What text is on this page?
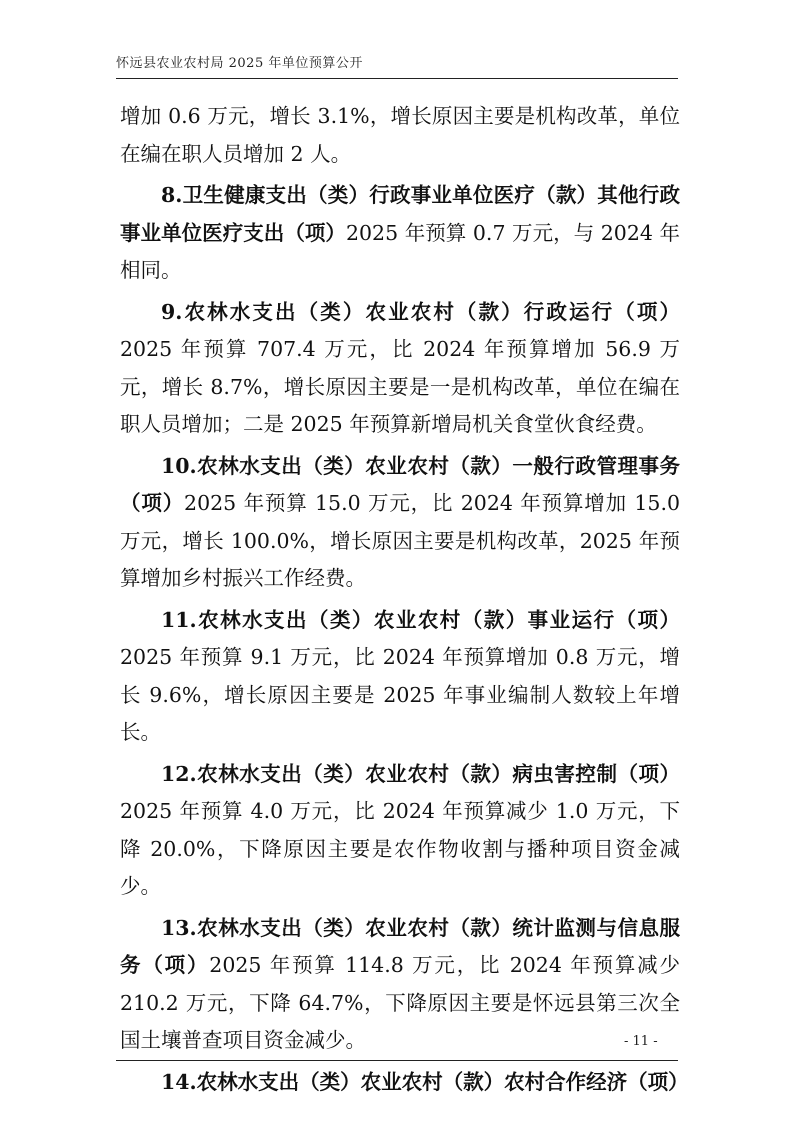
怀远县农业农村局 2025 年单位预算公开

增加 0.6 万元，增长 3.1%，增长原因主要是机构改革，单位在编在职人员增加 2 人。

8.卫生健康支出（类）行政事业单位医疗（款）其他行政事业单位医疗支出（项）2025 年预算 0.7 万元，与 2024 年相同。

9.农林水支出（类）农业农村（款）行政运行（项）2025 年预算 707.4 万元，比 2024 年预算增加 56.9 万元，增长 8.7%，增长原因主要是一是机构改革，单位在编在职人员增加；二是 2025 年预算新增局机关食堂伙食经费。

10.农林水支出（类）农业农村（款）一般行政管理事务（项）2025 年预算 15.0 万元，比 2024 年预算增加 15.0 万元，增长 100.0%，增长原因主要是机构改革，2025 年预算增加乡村振兴工作经费。

11.农林水支出（类）农业农村（款）事业运行（项）2025 年预算 9.1 万元，比 2024 年预算增加 0.8 万元，增长 9.6%，增长原因主要是 2025 年事业编制人数较上年增长。

12.农林水支出（类）农业农村（款）病虫害控制（项）2025 年预算 4.0 万元，比 2024 年预算减少 1.0 万元，下降 20.0%，下降原因主要是农作物收割与播种项目资金减少。

13.农林水支出（类）农业农村（款）统计监测与信息服务（项）2025 年预算 114.8 万元，比 2024 年预算减少 210.2 万元，下降 64.7%，下降原因主要是怀远县第三次全国土壤普查项目资金减少。

14.农林水支出（类）农业农村（款）农村合作经济（项）

- 11 -
